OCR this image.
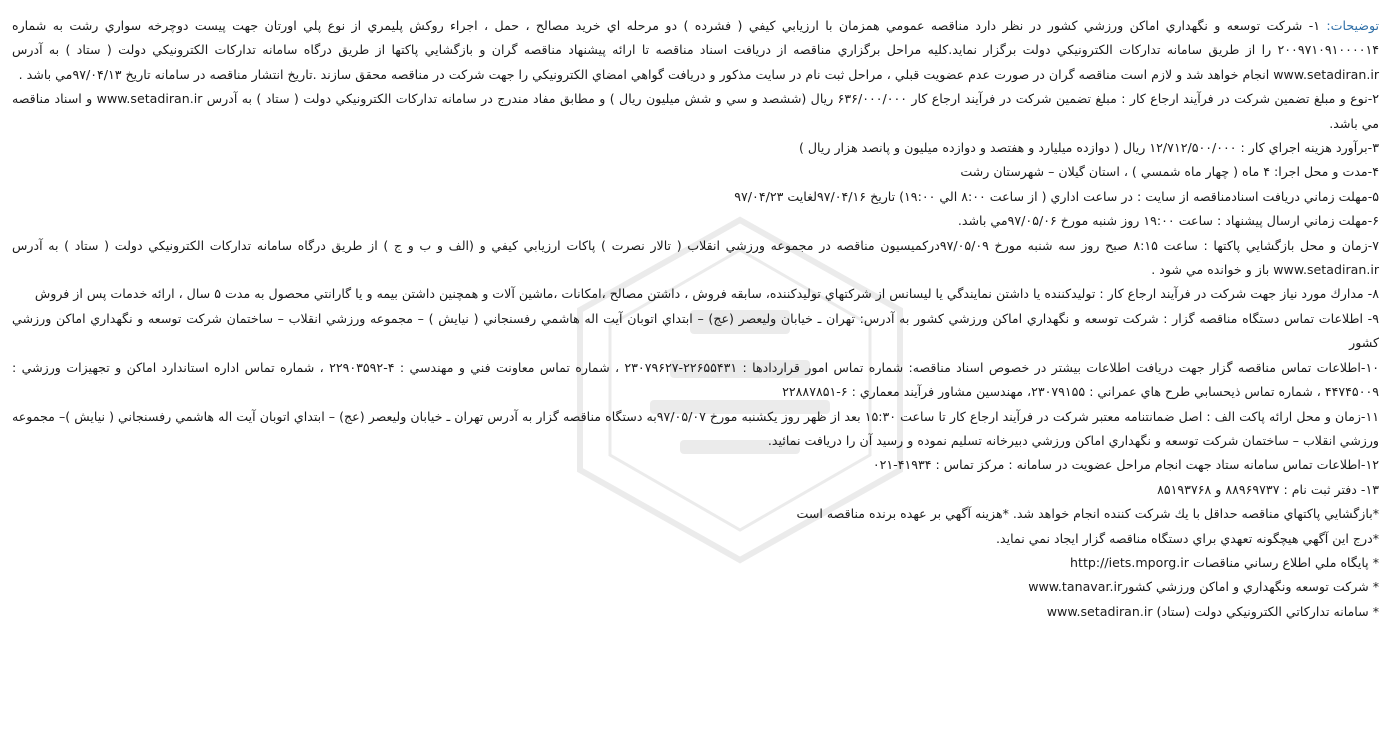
توضيحات: ۱- شركت توسعه و نگهداري اماكن ورزشي كشور در نظر دارد مناقصه عمومي همزمان با ارزيابي كيفي ( فشرده ) دو مرحله اي خريد مصالح ، حمل ، اجراء روكش پليمري از نوع پلي اورتان جهت پيست دوچرخه سواري رشت به شماره ۲۰۰۹۷۱۰۹۱۰۰۰۰۱۴ را از طريق سامانه تداركات الكترونيكي دولت برگزار نمايد.كليه مراحل برگزاري مناقصه از دريافت اسناد مناقصه تا ارائه پيشنهاد مناقصه گران و بازگشايي پاكتها از طريق درگاه سامانه تداركات الكترونيكي دولت ( ستاد ) به آدرس www.setadiran.ir انجام خواهد شد و لازم است مناقصه گران در صورت عدم عضويت قبلي ، مراحل ثبت نام در سايت مذكور و دريافت گواهي امضاي الكترونيكي را جهت شركت در مناقصه محقق سازند .تاريخ انتشار مناقصه در سامانه تاريخ ۹۷/۰۴/۱۳مي باشد .

۲-نوع و مبلغ تضمين شركت در فرآيند ارجاع كار : مبلغ تضمين شركت در فرآيند ارجاع كار ۶۳۶/۰۰۰/۰۰۰ ريال (ششصد و سي و شش ميليون ريال ) و مطابق مفاد مندرج در سامانه تداركات الكترونيكي دولت ( ستاد ) به آدرس www.setadiran.ir و اسناد مناقصه مي باشد.

۳-برآورد هزينه اجراي كار : ۱۲/۷۱۲/۵۰۰/۰۰۰ ريال ( دوازده ميليارد و هفتصد و دوازده ميليون و پانصد هزار ريال )

۴-مدت و محل اجرا: ۴ ماه ( چهار ماه شمسي ) ، استان گيلان – شهرستان رشت

۵-مهلت زماني دريافت اسنادمناقصه از سايت : در ساعت اداري ( از ساعت ۸:۰۰ الي ۱۹:۰۰) تاريخ ۹۷/۰۴/۱۶لغايت ۹۷/۰۴/۲۳

۶-مهلت زماني ارسال پيشنهاد : ساعت ۱۹:۰۰ روز شنبه مورخ ۹۷/۰۵/۰۶مي باشد.

۷-زمان و محل بازگشايي پاكتها : ساعت ۸:۱۵ صبح روز سه شنبه مورخ ۹۷/۰۵/۰۹دركميسيون مناقصه در مجموعه ورزشي انقلاب ( تالار نصرت ) پاكات ارزيابي كيفي و (الف و ب و ج ) از طريق درگاه سامانه تداركات الكترونيكي دولت ( ستاد ) به آدرس www.setadiran.ir باز و خوانده مي شود .

۸- مدارك مورد نياز جهت شركت در فرآيند ارجاع كار : توليدكننده يا داشتن نمايندگي يا ليسانس از شركتهاي توليدكننده، سابقه فروش ، داشتن مصالح ،امكانات ،ماشين آلات و همچنين داشتن بيمه و يا گارانتي محصول به مدت ۵ سال ، ارائه خدمات پس از فروش

۹- اطلاعات تماس دستگاه مناقصه گزار : شركت توسعه و نگهداري اماكن ورزشي كشور به آدرس: تهران ـ خيابان وليعصر (عج) – ابتداي اتوبان آيت اله هاشمي رفسنجاني ( نيايش ) – مجموعه ورزشي انقلاب – ساختمان شركت توسعه و نگهداري اماكن ورزشي كشور

۱۰-اطلاعات تماس مناقصه گزار جهت دريافت اطلاعات بيشتر در خصوص اسناد مناقصه: شماره تماس امور قراردادها : ۲۲۶۵۵۴۳۱-۲۳۰۷۹۶۲۷ ، شماره تماس معاونت فني و مهندسي : ۴-۲۲۹۰۳۵۹۲ ، شماره تماس اداره استاندارد اماكن و تجهيزات ورزشي : ۴۴۷۴۵۰۰۹ ، شماره تماس ذيحسابي طرح هاي عمراني : ۲۳۰۷۹۱۵۵، مهندسين مشاور فرآيند معماري : ۶-۲۲۸۸۷۸۵۱

۱۱-زمان و محل ارائه پاكت الف : اصل ضمانتنامه معتبر شركت در فرآيند ارجاع كار تا ساعت ۱۵:۳۰ بعد از ظهر روز يكشنبه مورخ ۹۷/۰۵/۰۷به دستگاه مناقصه گزار به آدرس تهران ـ خيابان وليعصر (عج) – ابتداي اتوبان آيت اله هاشمي رفسنجاني ( نيايش )– مجموعه ورزشي انقلاب – ساختمان شركت توسعه و نگهداري اماكن ورزشي دبيرخانه تسليم نموده و رسيد آن را دريافت نمائيد.

۱۲-اطلاعات تماس سامانه ستاد جهت انجام مراحل عضويت در سامانه : مركز تماس : ۴۱۹۳۴-۰۲۱

۱۳- دفتر ثبت نام : ۸۸۹۶۹۷۳۷ و ۸۵۱۹۳۷۶۸

*بازگشايي پاكتهاي مناقصه حداقل با يك شركت كننده انجام خواهد شد. *هزينه آگهي بر عهده برنده مناقصه است

*درج اين آگهي هيچگونه تعهدي براي دستگاه مناقصه گزار ايجاد نمي نمايد.

* پايگاه ملي اطلاع رساني مناقصات http://iets.mporg.ir

* شركت توسعه ونگهداري و اماكن ورزشي كشورwww.tanavar.ir

* سامانه تداركاتي الكترونيكي دولت (ستاد) www.setadiran.ir
